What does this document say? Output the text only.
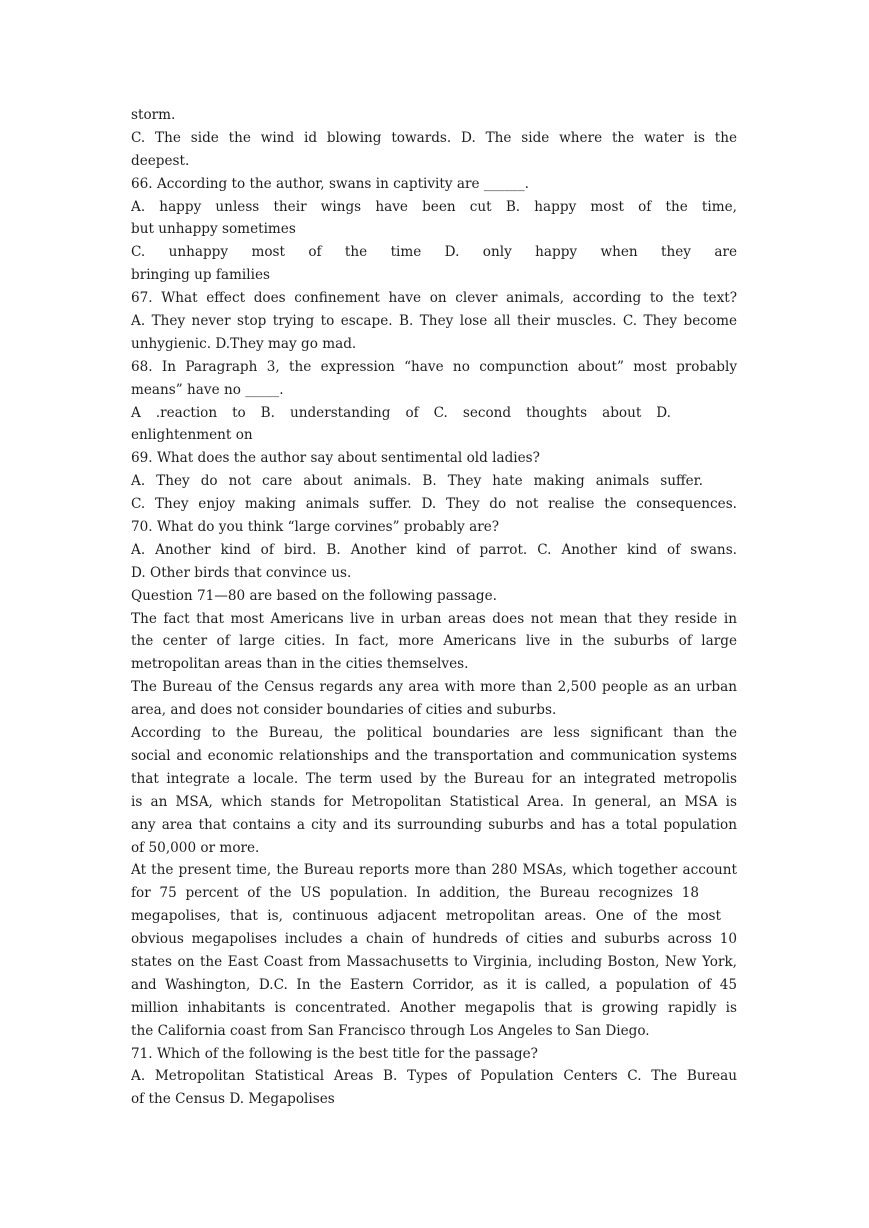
storm.
C. The side the wind id blowing towards. D. The side where the water is the
deepest.
66. According to the author, swans in captivity are ______.
A. happy unless their wings have been cut B. happy most of the time,
but unhappy sometimes
C. unhappy most of the time D. only happy when they are
bringing up families
67. What effect does confinement have on clever animals, according to the text?
A. They never stop trying to escape. B. They lose all their muscles. C. They become
unhygienic. D.They may go mad.
68. In Paragraph 3, the expression “have no compunction about” most probably
means” have no _____.
A .reaction to B. understanding of C. second thoughts about D.
enlightenment on
69. What does the author say about sentimental old ladies?
A. They do not care about animals. B. They hate making animals suffer.
C. They enjoy making animals suffer. D. They do not realise the consequences.
70. What do you think “large corvines” probably are?
A. Another kind of bird. B. Another kind of parrot. C. Another kind of swans.
D. Other birds that convince us.
Question 71—80 are based on the following passage.
The fact that most Americans live in urban areas does not mean that they reside in
the center of large cities. In fact, more Americans live in the suburbs of large
metropolitan areas than in the cities themselves.
The Bureau of the Census regards any area with more than 2,500 people as an urban
area, and does not consider boundaries of cities and suburbs.
According to the Bureau, the political boundaries are less significant than the
social and economic relationships and the transportation and communication systems
that integrate a locale. The term used by the Bureau for an integrated metropolis
is an MSA, which stands for Metropolitan Statistical Area. In general, an MSA is
any area that contains a city and its surrounding suburbs and has a total population
of 50,000 or more.
At the present time, the Bureau reports more than 280 MSAs, which together account
for 75 percent of the US population. In addition, the Bureau recognizes 18
megapolises, that is, continuous adjacent metropolitan areas. One of the most
obvious megapolises includes a chain of hundreds of cities and suburbs across 10
states on the East Coast from Massachusetts to Virginia, including Boston, New York,
and Washington, D.C. In the Eastern Corridor, as it is called, a population of 45
million inhabitants is concentrated. Another megapolis that is growing rapidly is
the California coast from San Francisco through Los Angeles to San Diego.
71. Which of the following is the best title for the passage?
A. Metropolitan Statistical Areas B. Types of Population Centers C. The Bureau
of the Census D. Megapolises
